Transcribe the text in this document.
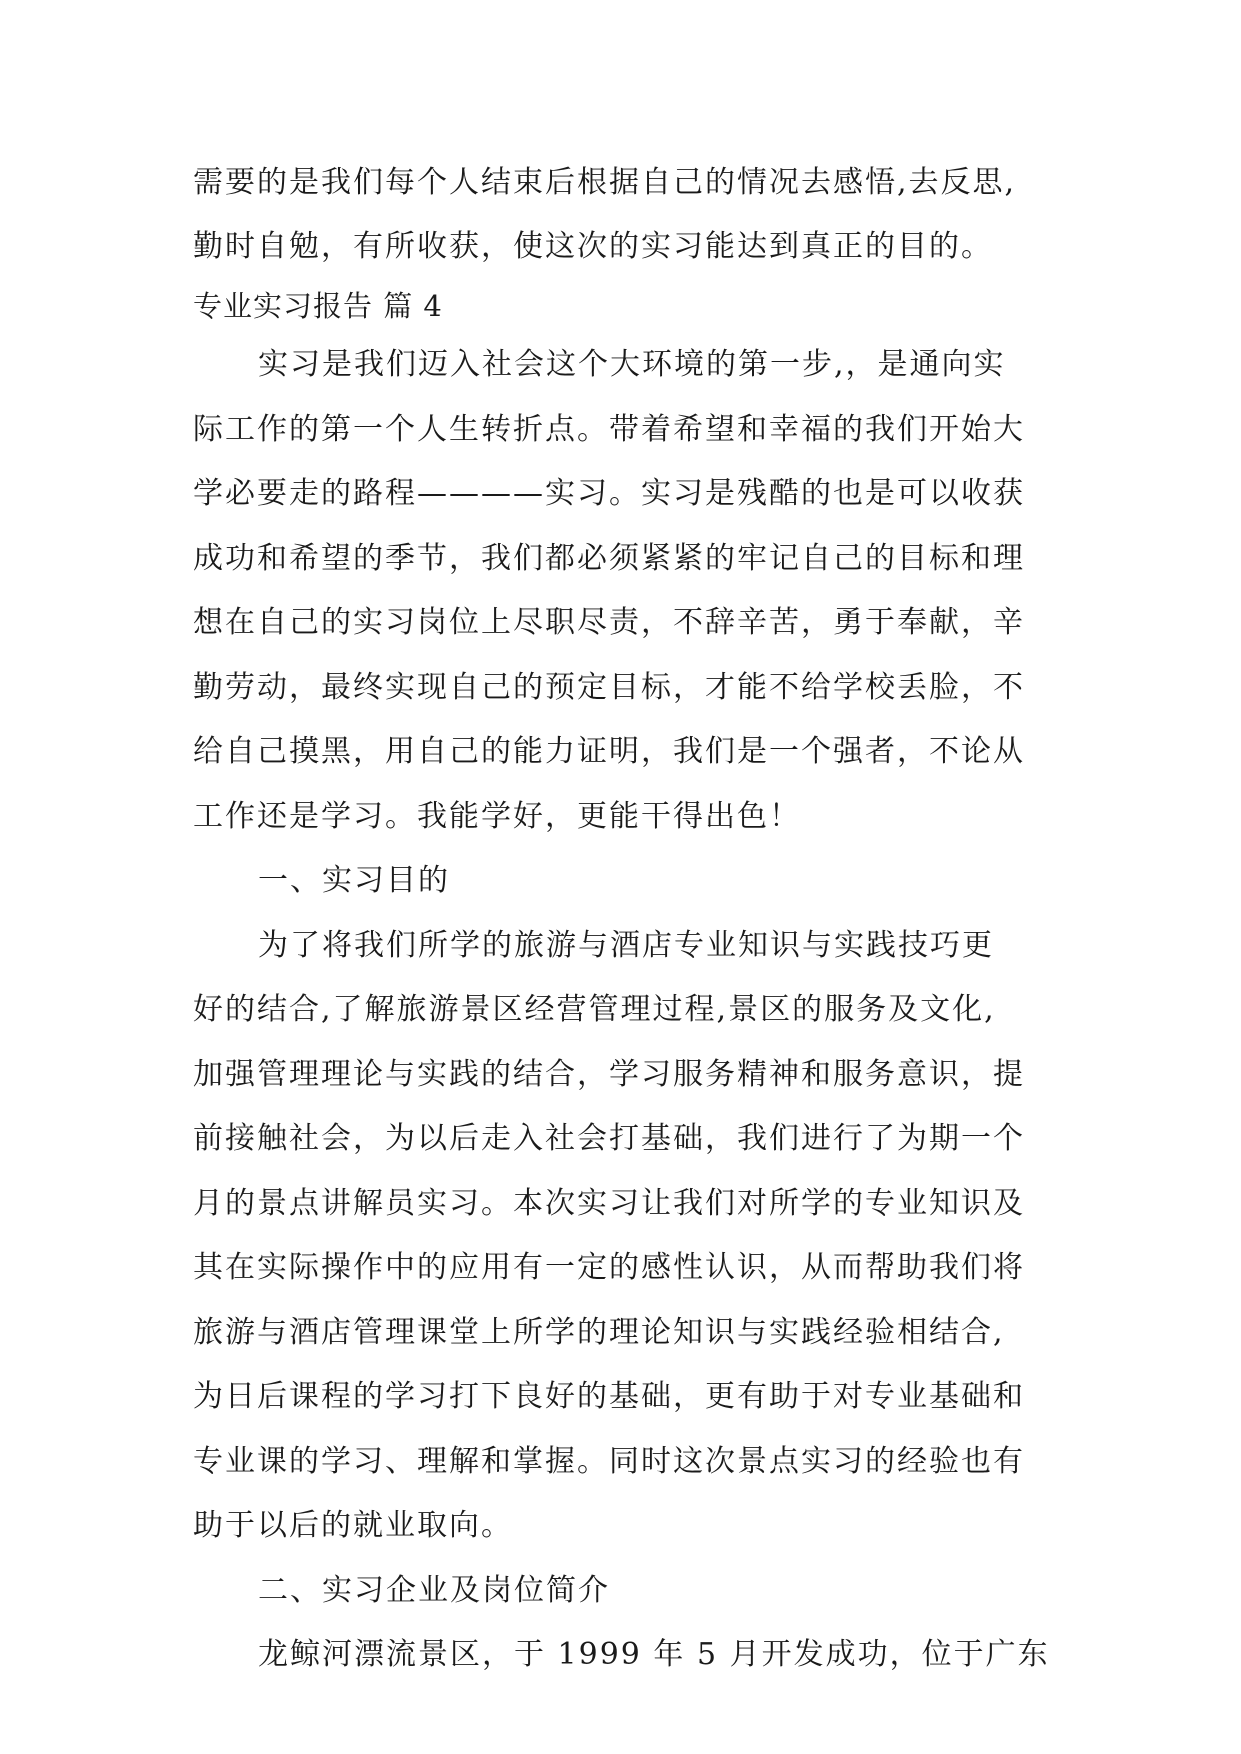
需要的是我们每个人结束后根据自己的情况去感悟,去反思,
勤时自勉，有所收获，使这次的实习能达到真正的目的。
专业实习报告 篇 4
实习是我们迈入社会这个大环境的第一步,，是通向实
际工作的第一个人生转折点。带着希望和幸福的我们开始大
学必要走的路程————实习。实习是残酷的也是可以收获
成功和希望的季节，我们都必须紧紧的牢记自己的目标和理
想在自己的实习岗位上尽职尽责，不辞辛苦，勇于奉献，辛
勤劳动，最终实现自己的预定目标，才能不给学校丢脸，不
给自己摸黑，用自己的能力证明，我们是一个强者，不论从
工作还是学习。我能学好，更能干得出色！
一、实习目的
为了将我们所学的旅游与酒店专业知识与实践技巧更
好的结合,了解旅游景区经营管理过程,景区的服务及文化,
加强管理理论与实践的结合，学习服务精神和服务意识，提
前接触社会，为以后走入社会打基础，我们进行了为期一个
月的景点讲解员实习。本次实习让我们对所学的专业知识及
其在实际操作中的应用有一定的感性认识，从而帮助我们将
旅游与酒店管理课堂上所学的理论知识与实践经验相结合,
为日后课程的学习打下良好的基础，更有助于对专业基础和
专业课的学习、理解和掌握。同时这次景点实习的经验也有
助于以后的就业取向。
二、实习企业及岗位简介
龙鲸河漂流景区，于 1999 年 5 月开发成功，位于广东
